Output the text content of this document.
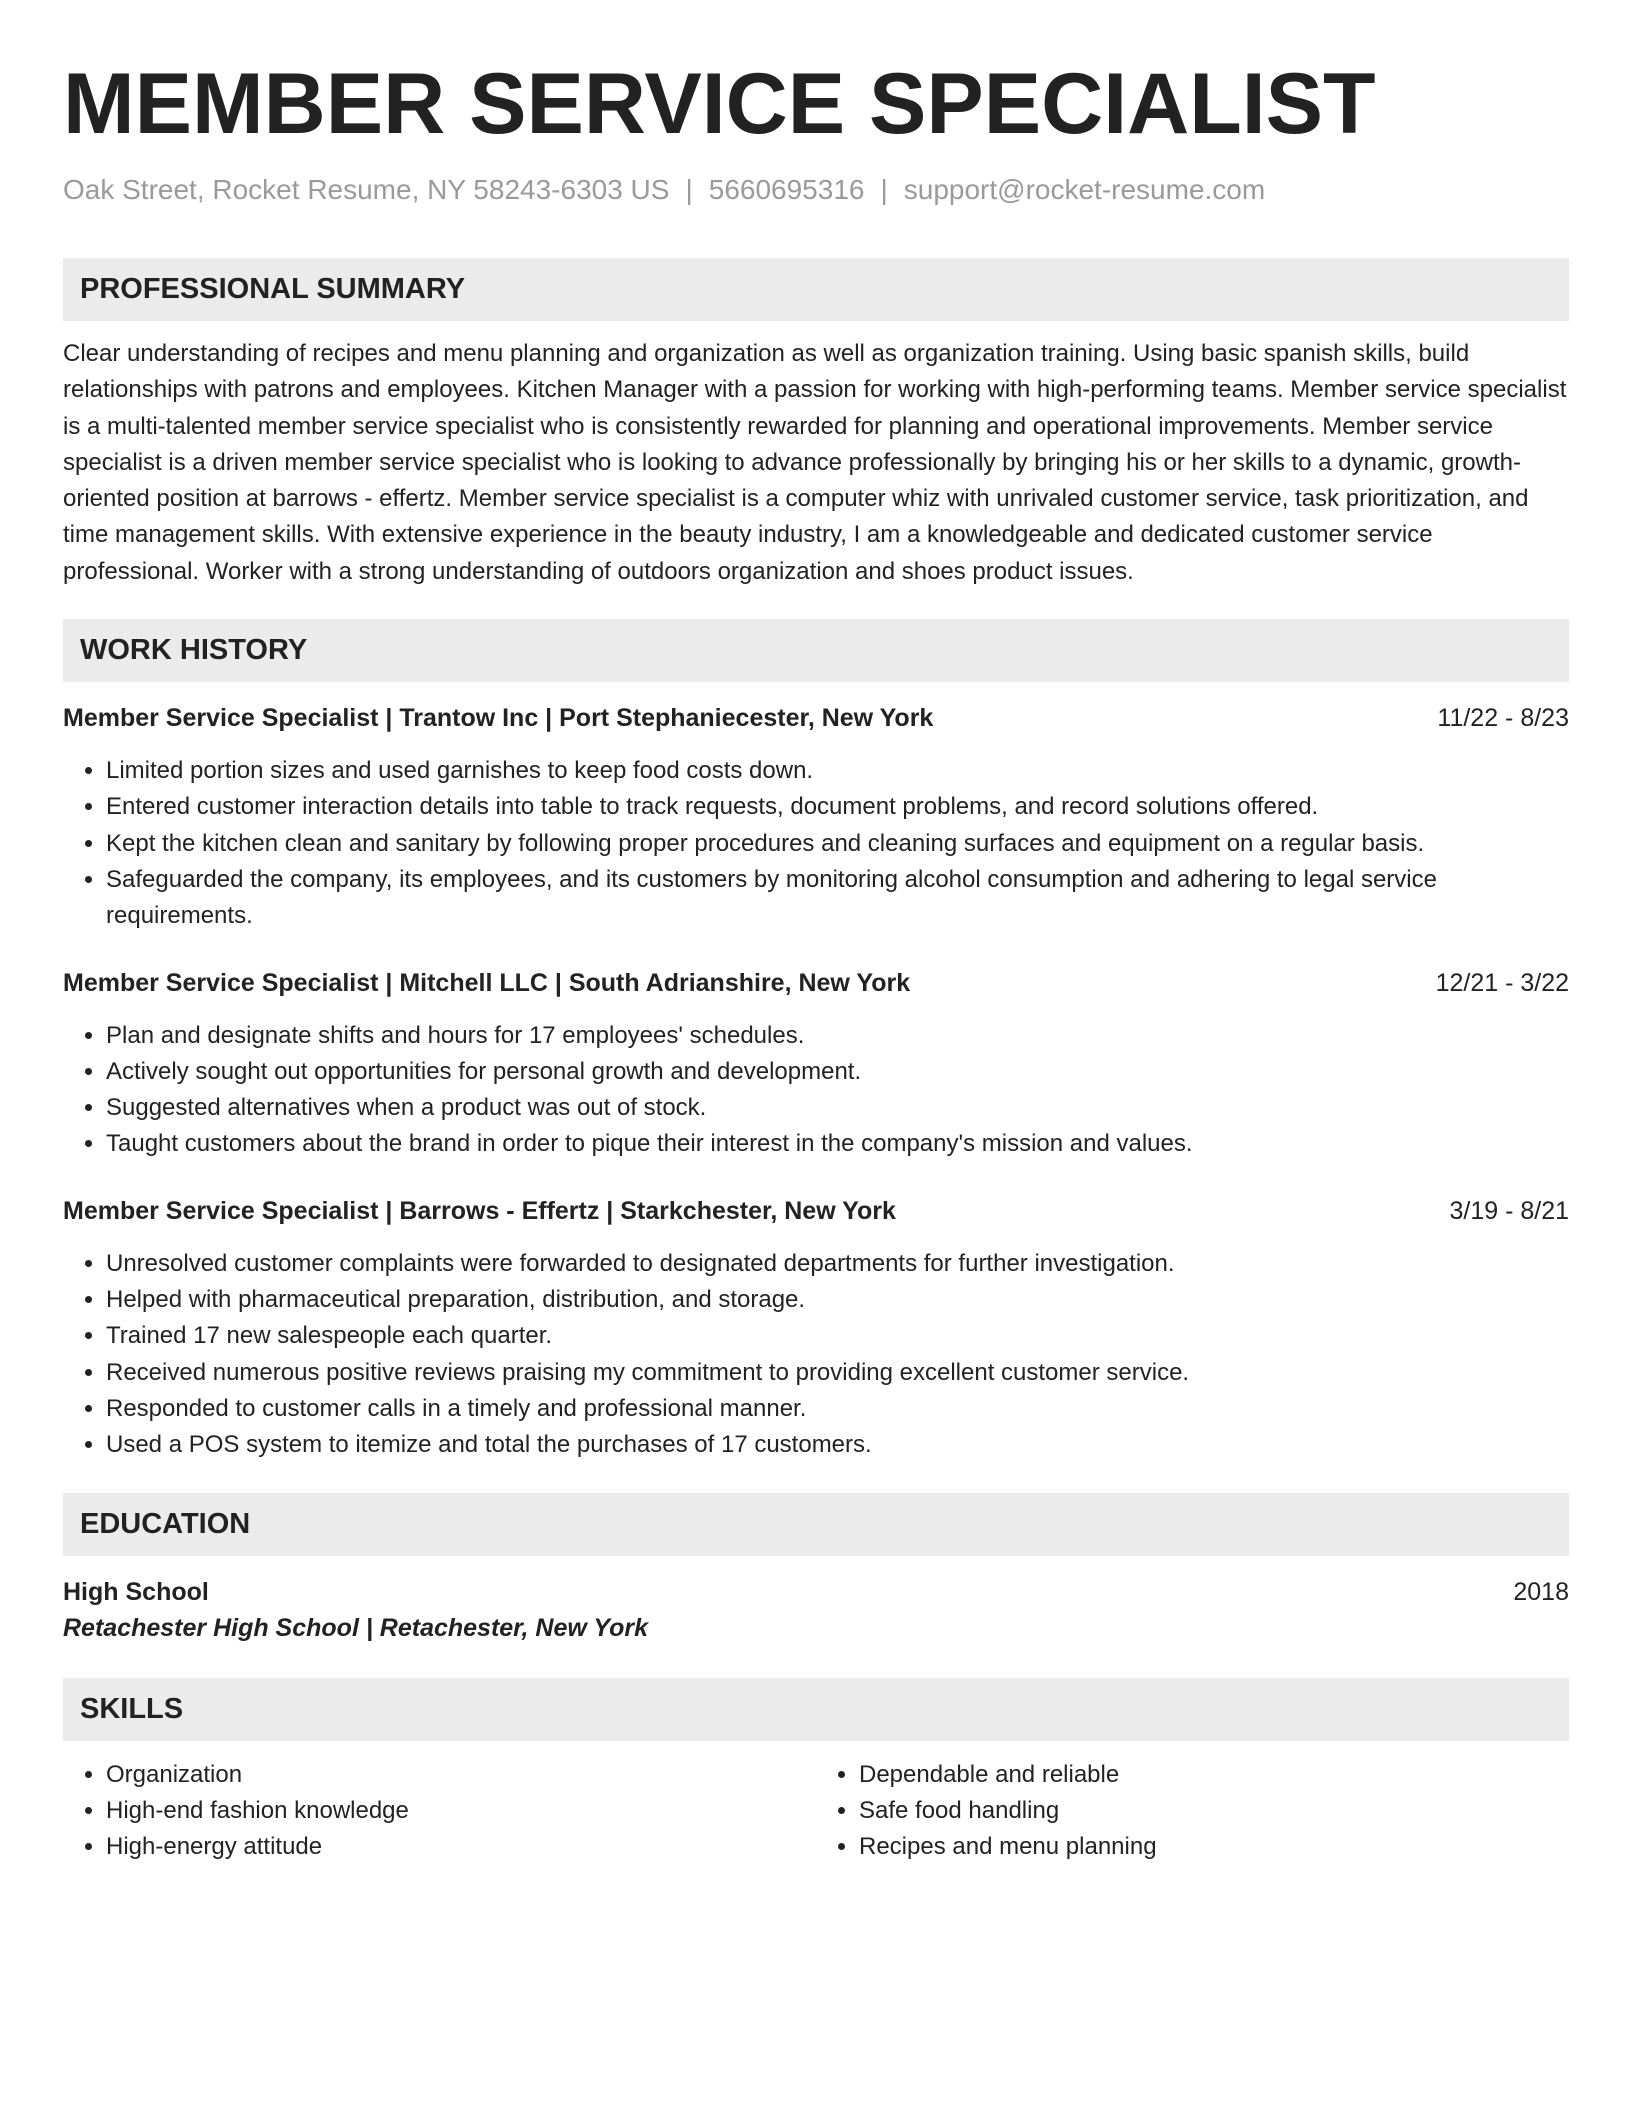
MEMBER SERVICE SPECIALIST
Oak Street, Rocket Resume, NY 58243-6303 US | 5660695316 | support@rocket-resume.com
PROFESSIONAL SUMMARY
Clear understanding of recipes and menu planning and organization as well as organization training. Using basic spanish skills, build relationships with patrons and employees. Kitchen Manager with a passion for working with high-performing teams. Member service specialist is a multi-talented member service specialist who is consistently rewarded for planning and operational improvements. Member service specialist is a driven member service specialist who is looking to advance professionally by bringing his or her skills to a dynamic, growth-oriented position at barrows - effertz. Member service specialist is a computer whiz with unrivaled customer service, task prioritization, and time management skills. With extensive experience in the beauty industry, I am a knowledgeable and dedicated customer service professional. Worker with a strong understanding of outdoors organization and shoes product issues.
WORK HISTORY
Member Service Specialist | Trantow Inc | Port Stephaniecester, New York	11/22 - 8/23
• Limited portion sizes and used garnishes to keep food costs down.
• Entered customer interaction details into table to track requests, document problems, and record solutions offered.
• Kept the kitchen clean and sanitary by following proper procedures and cleaning surfaces and equipment on a regular basis.
• Safeguarded the company, its employees, and its customers by monitoring alcohol consumption and adhering to legal service requirements.
Member Service Specialist | Mitchell LLC | South Adrianshire, New York	12/21 - 3/22
• Plan and designate shifts and hours for 17 employees' schedules.
• Actively sought out opportunities for personal growth and development.
• Suggested alternatives when a product was out of stock.
• Taught customers about the brand in order to pique their interest in the company's mission and values.
Member Service Specialist | Barrows - Effertz | Starkchester, New York	3/19 - 8/21
• Unresolved customer complaints were forwarded to designated departments for further investigation.
• Helped with pharmaceutical preparation, distribution, and storage.
• Trained 17 new salespeople each quarter.
• Received numerous positive reviews praising my commitment to providing excellent customer service.
• Responded to customer calls in a timely and professional manner.
• Used a POS system to itemize and total the purchases of 17 customers.
EDUCATION
High School	2018
Retachester High School | Retachester, New York
SKILLS
• Organization
• High-end fashion knowledge
• High-energy attitude
• Dependable and reliable
• Safe food handling
• Recipes and menu planning
